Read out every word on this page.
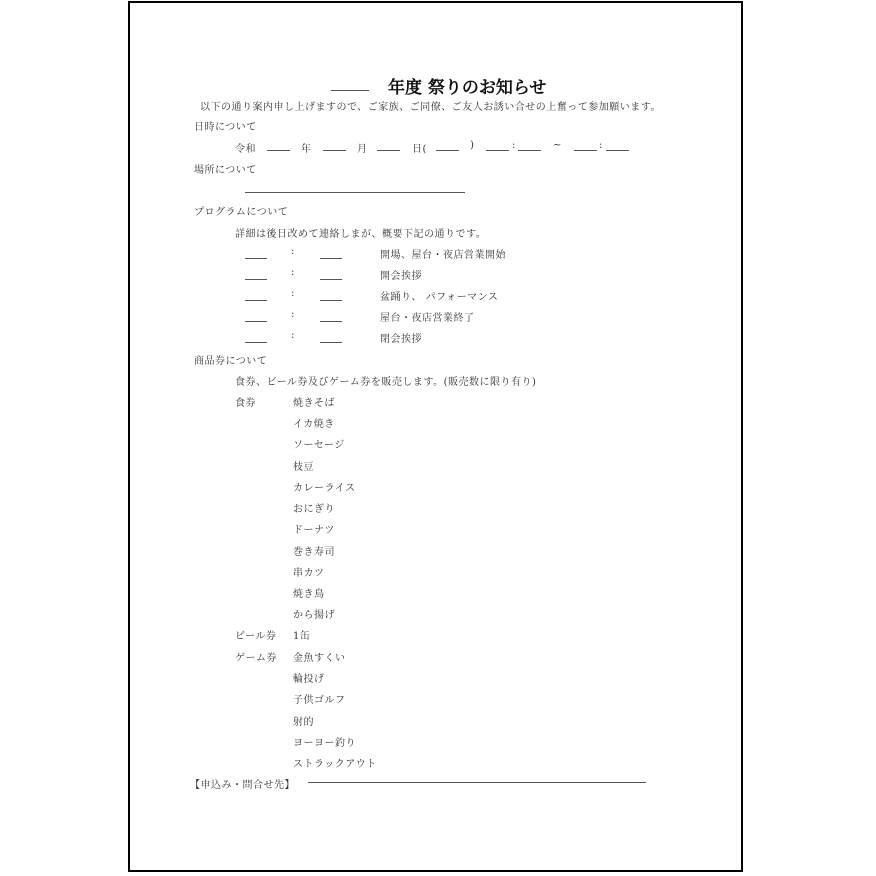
年度 祭りのお知らせ
以下の通り案内申し上げますので、ご家族、ご同僚、ご友人お誘い合せの上奮って参加願います。
日時について
令和	年	月	日(	)	:	~	:
場所について
プログラムについて
詳細は後日改めて連絡しまが、概要下記の通りです。
:	開場、屋台・夜店営業開始
:	開会挨拶
:	盆踊り、 パフォーマンス
:	屋台・夜店営業終了
:	閉会挨拶
商品券について
食券、ビール券及びゲーム券を販売します。(販売数に限り有り)
食券	焼きそば
イカ焼き
ソーセージ
枝豆
カレーライス
おにぎり
ドーナツ
巻き寿司
串カツ
焼き鳥
から揚げ
ビール券 1缶
ゲーム券 金魚すくい
輪投げ
子供ゴルフ
射的
ヨーヨー釣り
ストラックアウト
【申込み・問合せ先】
